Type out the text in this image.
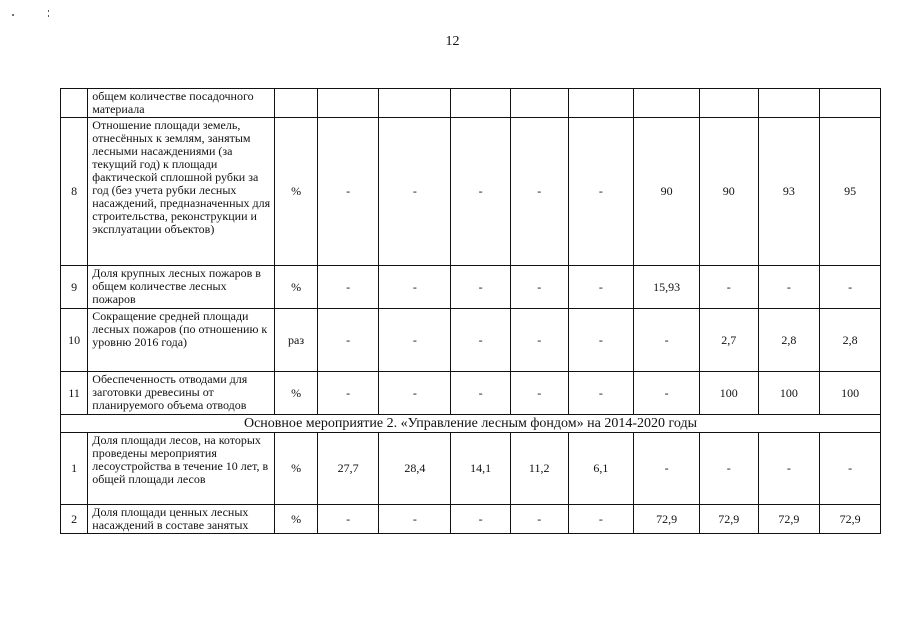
12
	общем количестве посадочного материала										
8	Отношение площади земель, отнесённых к землям, занятым лесными насаждениями (за текущий год) к площади фактической сплошной рубки за год (без учета рубки лесных насаждений, предназначенных для строительства, реконструкции и эксплуатации объектов)	%	-	-	-	-	-	90	90	93	95
9	Доля крупных лесных пожаров в общем количестве лесных пожаров	%	-	-	-	-	-	15,93	-	-	-
10	Сокращение средней площади лесных пожаров (по отношению к уровню 2016 года)	раз	-	-	-	-	-	-	2,7	2,8	2,8
11	Обеспеченность отводами для заготовки древесины от планируемого объема отводов	%	-	-	-	-	-	-	100	100	100
Основное мероприятие 2. «Управление лесным фондом» на 2014-2020 годы											
1	Доля площади лесов, на которых проведены мероприятия лесоустройства в течение 10 лет, в общей площади лесов	%	27,7	28,4	14,1	11,2	6,1	-	-	-	-
2	Доля площади ценных лесных насаждений в составе занятых	%	-	-	-	-	-	72,9	72,9	72,9	72,9
